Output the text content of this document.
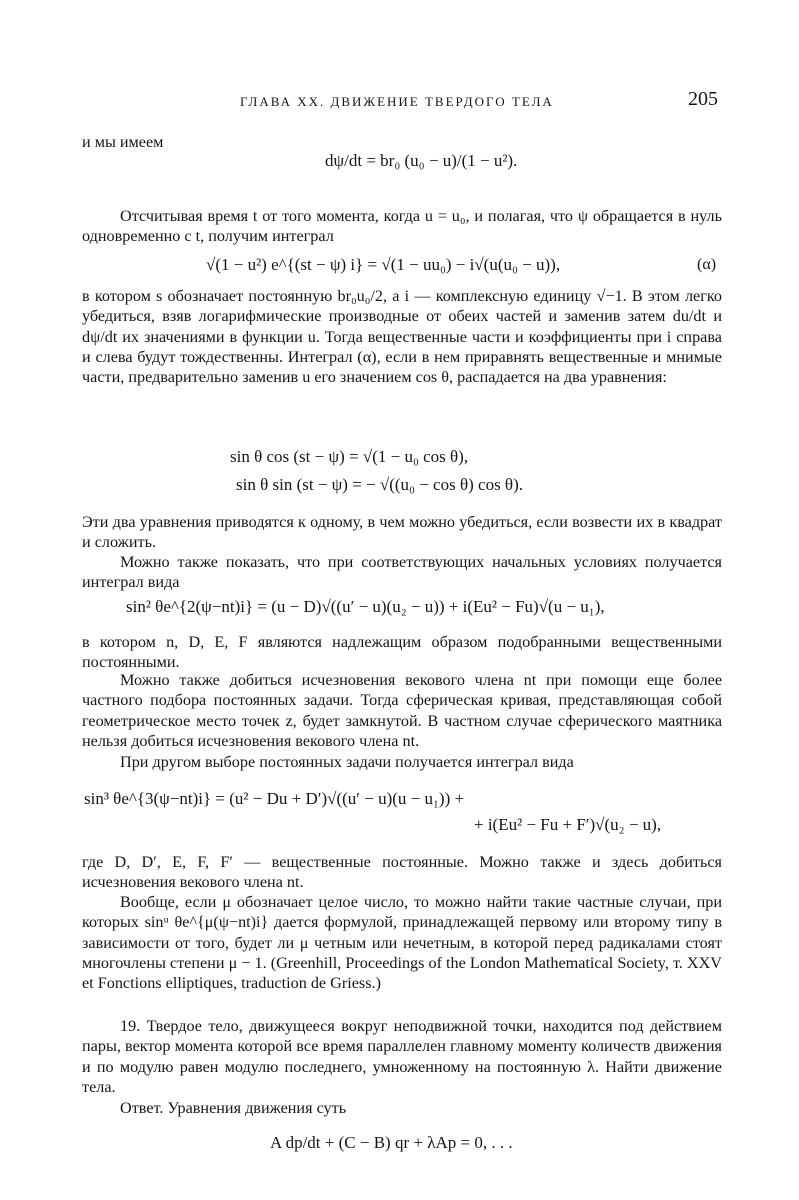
ГЛАВА XX. ДВИЖЕНИЕ ТВЕРДОГО ТЕЛА	205

и мы имеем

dψ/dt = br₀ (u₀ − u)/(1 − u²).

Отсчитывая время t от того момента, когда u = u₀, и полагая, что ψ обращается в нуль одновременно с t, получим интеграл

√(1 − u²) e^{(st − ψ) i} = √(1 − uu₀) − i√(u(u₀ − u)),	(α)

в котором s обозначает постоянную br₀u₀/2, а i — комплексную единицу √−1. В этом легко убедиться, взяв логарифмические производные от обеих частей и заменив затем du/dt и dψ/dt их значениями в функции u. Тогда вещественные части и коэффициенты при i справа и слева будут тождественны. Интеграл (α), если в нем приравнять вещественные и мнимые части, предварительно заменив u его значением cos θ, распадается на два уравнения:

sin θ cos (st − ψ) = √(1 − u₀ cos θ),
sin θ sin (st − ψ) = − √((u₀ − cos θ) cos θ).

Эти два уравнения приводятся к одному, в чем можно убедиться, если возвести их в квадрат и сложить.

Можно также показать, что при соответствующих начальных условиях получается интеграл вида

sin² θe^{2(ψ−nt)i} = (u − D)√((u′ − u)(u₂ − u)) + i(Eu² − Fu)√(u − u₁),

в котором n, D, E, F являются надлежащим образом подобранными вещественными постоянными.

Можно также добиться исчезновения векового члена nt при помощи еще более частного подбора постоянных задачи. Тогда сферическая кривая, представляющая собой геометрическое место точек z, будет замкнутой. В частном случае сферического маятника нельзя добиться исчезновения векового члена nt.

При другом выборе постоянных задачи получается интеграл вида

sin³ θe^{3(ψ−nt)i} = (u² − Du + D′)√((u′ − u)(u − u₁)) +
+ i(Eu² − Fu + F′)√(u₂ − u),

где D, D′, E, F, F′ — вещественные постоянные. Можно также и здесь добиться исчезновения векового члена nt.

Вообще, если μ обозначает целое число, то можно найти такие частные случаи, при которых sinᵘ θe^{μ(ψ−nt)i} дается формулой, принадлежащей первому или второму типу в зависимости от того, будет ли μ четным или нечетным, в которой перед радикалами стоят многочлены степени μ − 1. (Greenhill, Proceedings of the London Mathematical Society, т. XXV et Fonctions elliptiques, traduction de Griess.)

19. Твердое тело, движущееся вокруг неподвижной точки, находится под действием пары, вектор момента которой все время параллелен главному моменту количеств движения и по модулю равен модулю последнего, умноженному на постоянную λ. Найти движение тела.

Ответ. Уравнения движения суть

A dp/dt + (C − B) qr + λAp = 0, . . .
